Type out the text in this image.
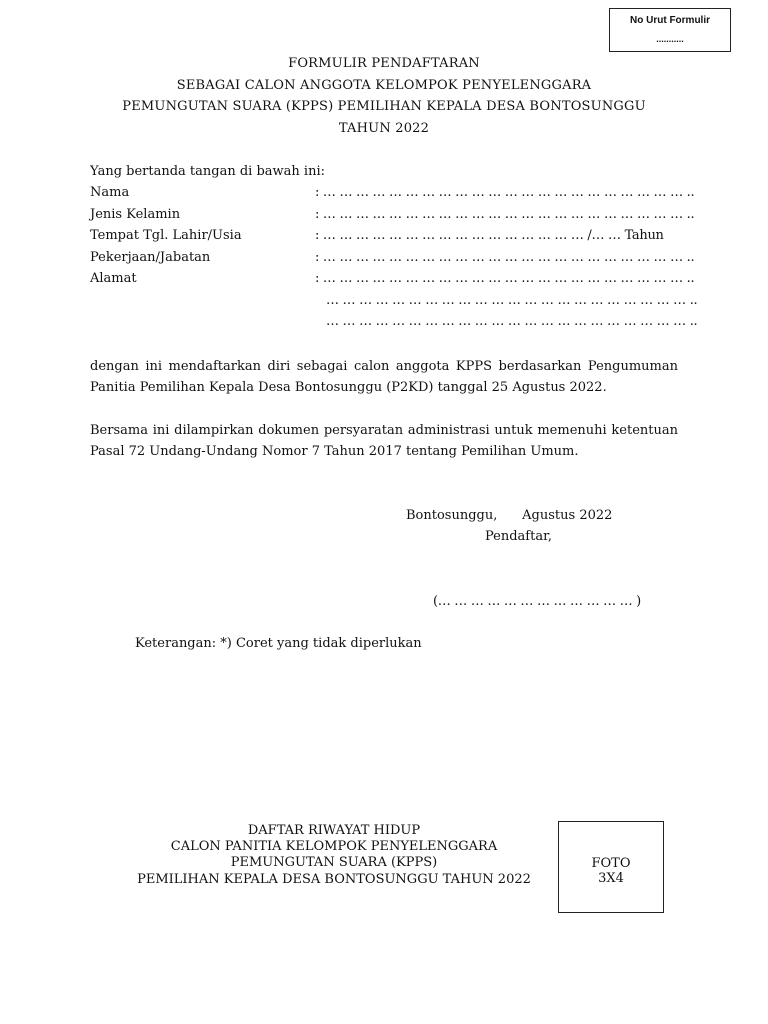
No Urut Formulir
...........
FORMULIR PENDAFTARAN
SEBAGAI CALON ANGGOTA KELOMPOK PENYELENGGARA
PEMUNGUTAN SUARA (KPPS) PEMILIHAN KEPALA DESA BONTOSUNGGU
TAHUN 2022
Yang bertanda tangan di bawah ini:
Nama	: … … … … … … … … … … … … … … … … … … … … … … ..
Jenis Kelamin	: … … … … … … … … … … … … … … … … … … … … … … ..
Tempat Tgl. Lahir/Usia	: … … … … … … … … … … … … … … … … /… … Tahun
Pekerjaan/Jabatan	: … … … … … … … … … … … … … … … … … … … … … … ..
Alamat	: … … … … … … … … … … … … … … … … … … … … … … ..
… … … … … … … … … … … … … … … … … … … … … … ..
… … … … … … … … … … … … … … … … … … … … … … ..
dengan ini mendaftarkan diri sebagai calon anggota KPPS berdasarkan Pengumuman Panitia Pemilihan Kepala Desa Bontosunggu (P2KD) tanggal 25 Agustus 2022.
Bersama ini dilampirkan dokumen persyaratan administrasi untuk memenuhi ketentuan Pasal 72 Undang-Undang Nomor 7 Tahun 2017 tentang Pemilihan Umum.
Bontosunggu,      Agustus 2022
Pendaftar,
(… … … … … … … … … … … … )
Keterangan: *) Coret yang tidak diperlukan
DAFTAR RIWAYAT HIDUP
CALON PANITIA KELOMPOK PENYELENGGARA
PEMUNGUTAN SUARA (KPPS)
PEMILIHAN KEPALA DESA BONTOSUNGGU TAHUN 2022
FOTO
3X4
